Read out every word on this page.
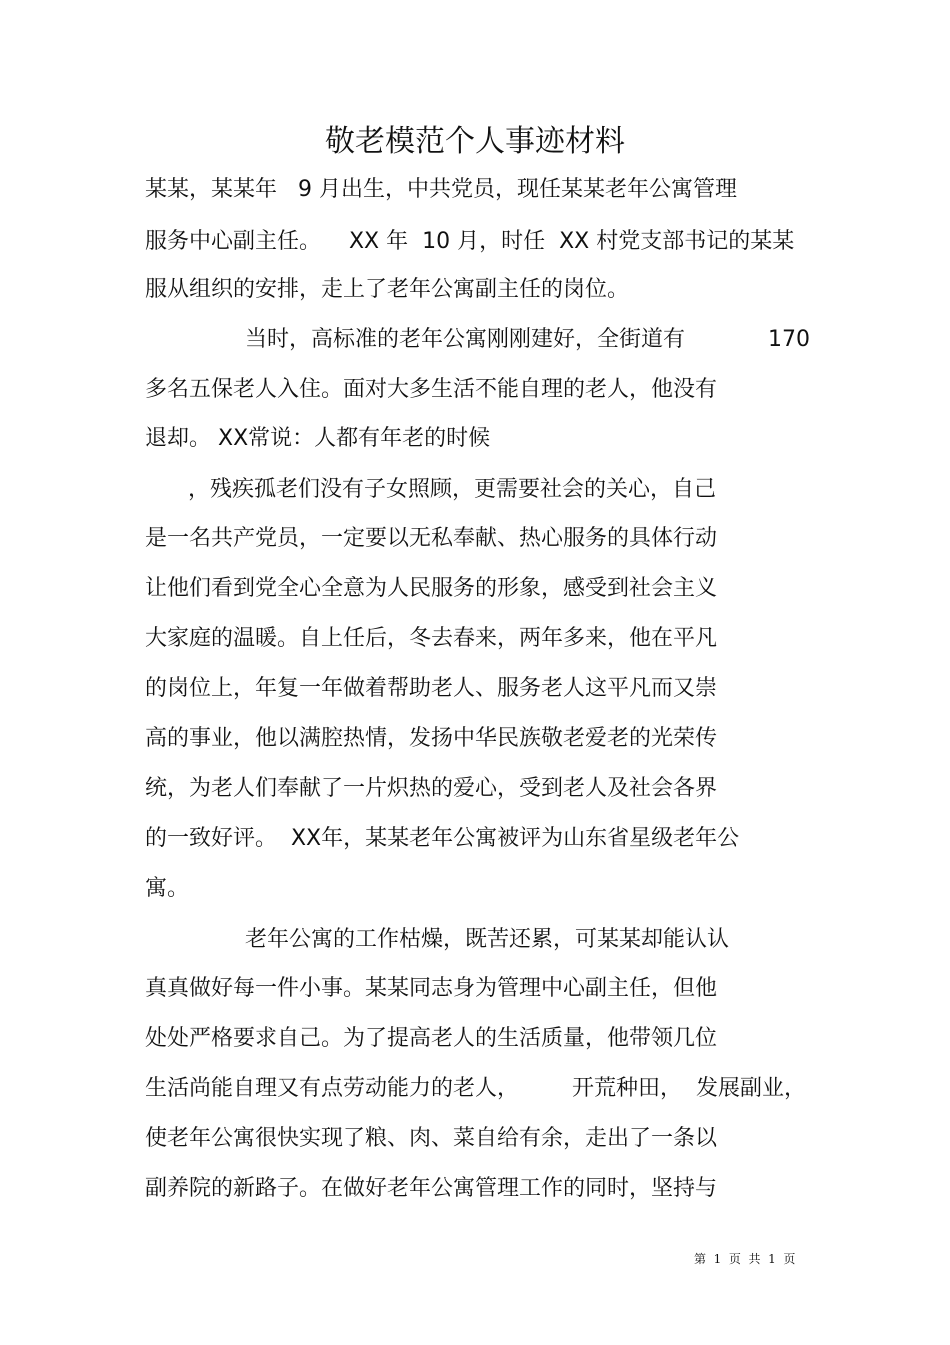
敬老模范个人事迹材料
某某，某某年   9 月出生，中共党员，现任某某老年公寓管理
服务中心副主任。    XX 年  10 月，时任  XX 村党支部书记的某某
服从组织的安排，走上了老年公寓副主任的岗位。
当时，高标准的老年公寓刚刚建好，全街道有	170
多名五保老人入住。面对大多生活不能自理的老人，他没有
退却。 XX常说：人都有年老的时候
，残疾孤老们没有子女照顾，更需要社会的关心，自己
是一名共产党员，一定要以无私奉献、热心服务的具体行动
让他们看到党全心全意为人民服务的形象，感受到社会主义
大家庭的温暖。自上任后，冬去春来，两年多来，他在平凡
的岗位上，年复一年做着帮助老人、服务老人这平凡而又崇
高的事业，他以满腔热情，发扬中华民族敬老爱老的光荣传
统，为老人们奉献了一片炽热的爱心，受到老人及社会各界
的一致好评。  XX年，某某老年公寓被评为山东省星级老年公
寓。
老年公寓的工作枯燥，既苦还累，可某某却能认认
真真做好每一件小事。某某同志身为管理中心副主任，但他
处处严格要求自己。为了提高老人的生活质量，他带领几位
生活尚能自理又有点劳动能力的老人， 开荒种田，  发展副业，
使老年公寓很快实现了粮、肉、菜自给有余，走出了一条以
副养院的新路子。在做好老年公寓管理工作的同时，坚持与
第  1  页  共  1  页
